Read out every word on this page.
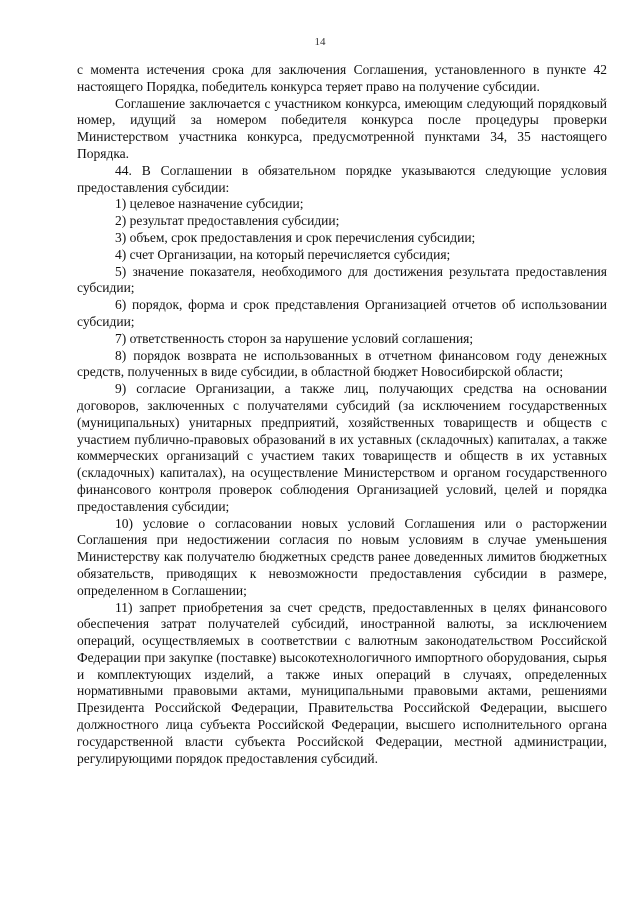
14

с момента истечения срока для заключения Соглашения, установленного в пункте 42 настоящего Порядка, победитель конкурса теряет право на получение субсидии.

Соглашение заключается с участником конкурса, имеющим следующий порядковый номер, идущий за номером победителя конкурса после процедуры проверки Министерством участника конкурса, предусмотренной пунктами 34, 35 настоящего Порядка.

44. В Соглашении в обязательном порядке указываются следующие условия предоставления субсидии:

1) целевое назначение субсидии;

2) результат предоставления субсидии;

3) объем, срок предоставления и срок перечисления субсидии;

4) счет Организации, на который перечисляется субсидия;

5) значение показателя, необходимого для достижения результата предоставления субсидии;

6) порядок, форма и срок представления Организацией отчетов об использовании субсидии;

7) ответственность сторон за нарушение условий соглашения;

8) порядок возврата не использованных в отчетном финансовом году денежных средств, полученных в виде субсидии, в областной бюджет Новосибирской области;

9) согласие Организации, а также лиц, получающих средства на основании договоров, заключенных с получателями субсидий (за исключением государственных (муниципальных) унитарных предприятий, хозяйственных товариществ и обществ с участием публично-правовых образований в их уставных (складочных) капиталах, а также коммерческих организаций с участием таких товариществ и обществ в их уставных (складочных) капиталах), на осуществление Министерством и органом государственного финансового контроля проверок соблюдения Организацией условий, целей и порядка предоставления субсидии;

10) условие о согласовании новых условий Соглашения или о расторжении Соглашения при недостижении согласия по новым условиям в случае уменьшения Министерству как получателю бюджетных средств ранее доведенных лимитов бюджетных обязательств, приводящих к невозможности предоставления субсидии в размере, определенном в Соглашении;

11) запрет приобретения за счет средств, предоставленных в целях финансового обеспечения затрат получателей субсидий, иностранной валюты, за исключением операций, осуществляемых в соответствии с валютным законодательством Российской Федерации при закупке (поставке) высокотехнологичного импортного оборудования, сырья и комплектующих изделий, а также иных операций в случаях, определенных нормативными правовыми актами, муниципальными правовыми актами, решениями Президента Российской Федерации, Правительства Российской Федерации, высшего должностного лица субъекта Российской Федерации, высшего исполнительного органа государственной власти субъекта Российской Федерации, местной администрации, регулирующими порядок предоставления субсидий.
